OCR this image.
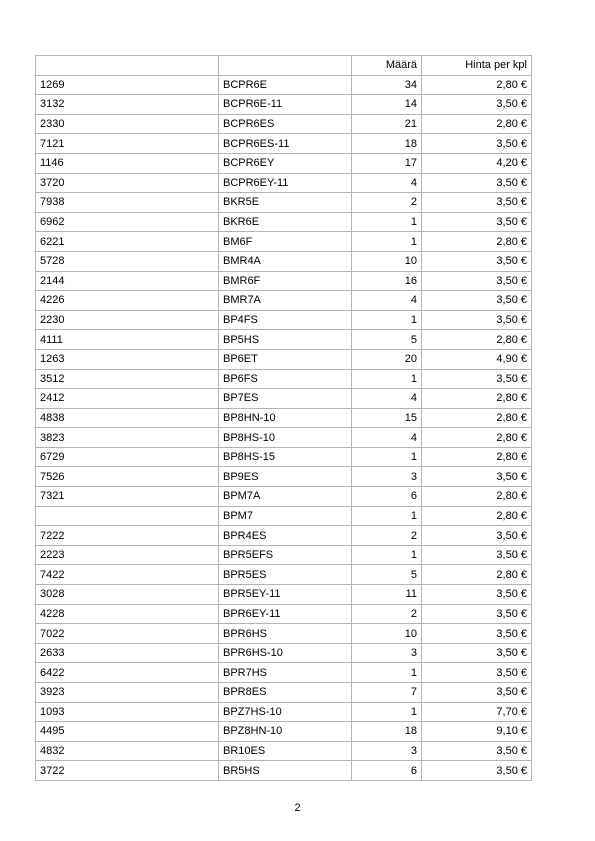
		Määrä	Hinta per kpl
1269	BCPR6E	34	2,80 €
3132	BCPR6E-11	14	3,50 €
2330	BCPR6ES	21	2,80 €
7121	BCPR6ES-11	18	3,50 €
1146	BCPR6EY	17	4,20 €
3720	BCPR6EY-11	4	3,50 €
7938	BKR5E	2	3,50 €
6962	BKR6E	1	3,50 €
6221	BM6F	1	2,80 €
5728	BMR4A	10	3,50 €
2144	BMR6F	16	3,50 €
4226	BMR7A	4	3,50 €
2230	BP4FS	1	3,50 €
4111	BP5HS	5	2,80 €
1263	BP6ET	20	4,90 €
3512	BP6FS	1	3,50 €
2412	BP7ES	4	2,80 €
4838	BP8HN-10	15	2,80 €
3823	BP8HS-10	4	2,80 €
6729	BP8HS-15	1	2,80 €
7526	BP9ES	3	3,50 €
7321	BPM7A	6	2,80 €
	BPM7	1	2,80 €
7222	BPR4ES	2	3,50 €
2223	BPR5EFS	1	3,50 €
7422	BPR5ES	5	2,80 €
3028	BPR5EY-11	11	3,50 €
4228	BPR6EY-11	2	3,50 €
7022	BPR6HS	10	3,50 €
2633	BPR6HS-10	3	3,50 €
6422	BPR7HS	1	3,50 €
3923	BPR8ES	7	3,50 €
1093	BPZ7HS-10	1	7,70 €
4495	BPZ8HN-10	18	9,10 €
4832	BR10ES	3	3,50 €
3722	BR5HS	6	3,50 €
2
